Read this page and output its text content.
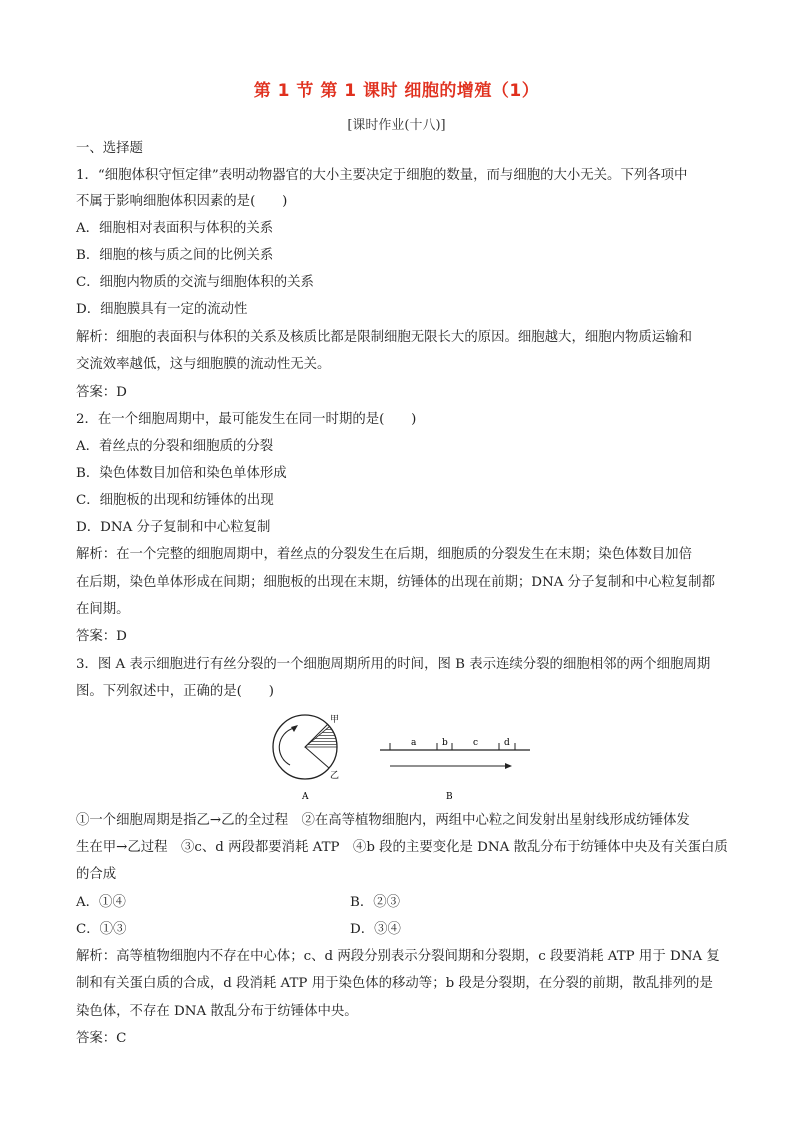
第 1 节 第 1 课时 细胞的增殖（1）
[课时作业(十八)]
一、选择题
1．“细胞体积守恒定律”表明动物器官的大小主要决定于细胞的数量，而与细胞的大小无关。下列各项中
不属于影响细胞体积因素的是(　　)
A．细胞相对表面积与体积的关系
B．细胞的核与质之间的比例关系
C．细胞内物质的交流与细胞体积的关系
D．细胞膜具有一定的流动性
解析：细胞的表面积与体积的关系及核质比都是限制细胞无限长大的原因。细胞越大，细胞内物质运输和
交流效率越低，这与细胞膜的流动性无关。
答案：D
2．在一个细胞周期中，最可能发生在同一时期的是(　　)
A．着丝点的分裂和细胞质的分裂
B．染色体数目加倍和染色单体形成
C．细胞板的出现和纺锤体的出现
D．DNA 分子复制和中心粒复制
解析：在一个完整的细胞周期中，着丝点的分裂发生在后期，细胞质的分裂发生在末期；染色体数目加倍
在后期，染色单体形成在间期；细胞板的出现在末期，纺锤体的出现在前期；DNA 分子复制和中心粒复制都
在间期。
答案：D
3．图 A 表示细胞进行有丝分裂的一个细胞周期所用的时间，图 B 表示连续分裂的细胞相邻的两个细胞周期
图。下列叙述中，正确的是(　　)
甲
乙
A
a	b	c	d
B
①一个细胞周期是指乙→乙的全过程　②在高等植物细胞内，两组中心粒之间发射出星射线形成纺锤体发
生在甲→乙过程　③c、d 两段都要消耗 ATP　④b 段的主要变化是 DNA 散乱分布于纺锤体中央及有关蛋白质
的合成
A．①④	B．②③
C．①③	D．③④
解析：高等植物细胞内不存在中心体；c、d 两段分别表示分裂间期和分裂期，c 段要消耗 ATP 用于 DNA 复
制和有关蛋白质的合成，d 段消耗 ATP 用于染色体的移动等；b 段是分裂期，在分裂的前期，散乱排列的是
染色体，不存在 DNA 散乱分布于纺锤体中央。
答案：C
